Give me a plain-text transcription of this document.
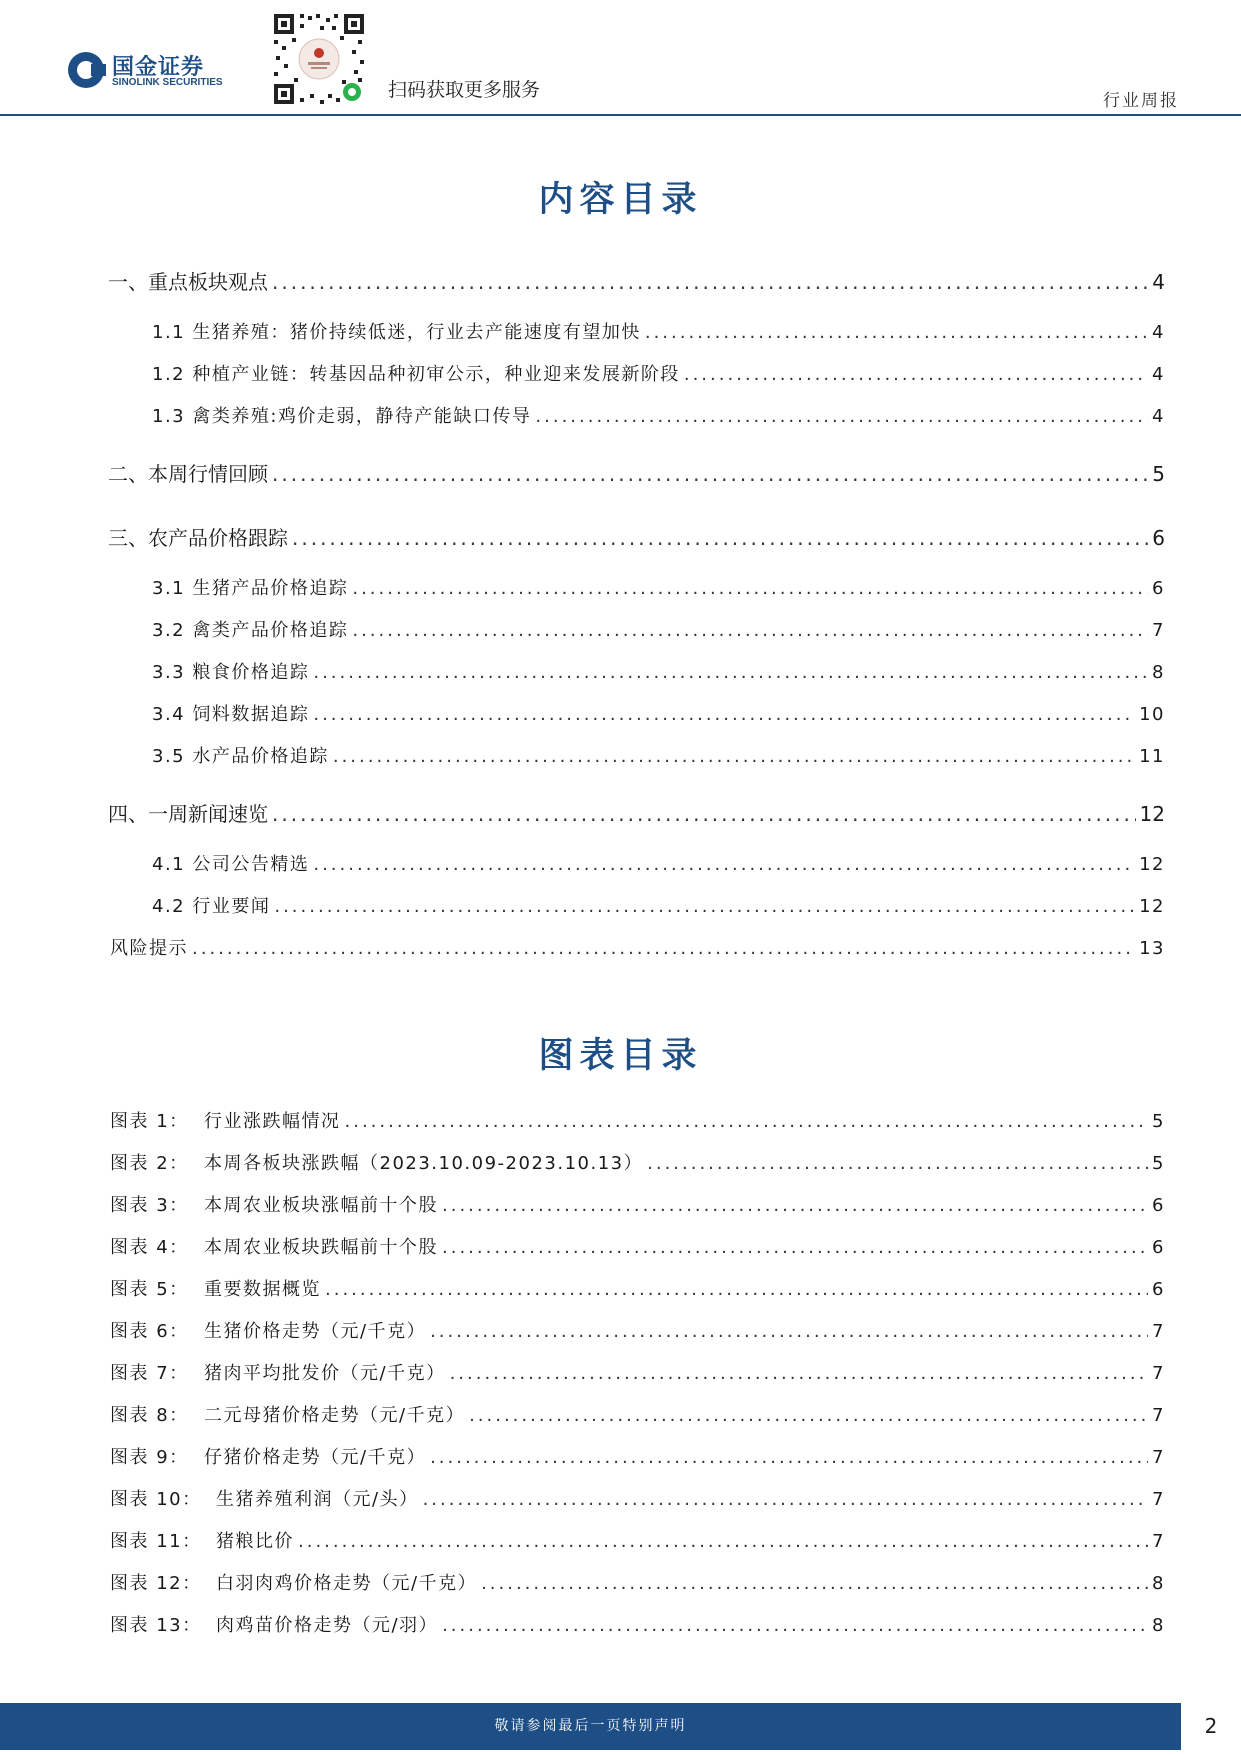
国金证券
SINOLINK SECURITIES	扫码获取更多服务	行业周报
内容目录
一、重点板块观点 .....	4
1.1 生猪养殖：猪价持续低迷，行业去产能速度有望加快 .....	4
1.2 种植产业链：转基因品种初审公示，种业迎来发展新阶段 .....	4
1.3 禽类养殖:鸡价走弱，静待产能缺口传导 .....	4
二、本周行情回顾 .....	5
三、农产品价格跟踪 .....	6
3.1 生猪产品价格追踪 .....	6
3.2 禽类产品价格追踪 .....	7
3.3 粮食价格追踪 .....	8
3.4 饲料数据追踪 .....	10
3.5 水产品价格追踪 .....	11
四、一周新闻速览 .....	12
4.1 公司公告精选 .....	12
4.2 行业要闻 .....	12
风险提示 .....	13
图表目录
图表 1： 行业涨跌幅情况 .....	5
图表 2： 本周各板块涨跌幅（2023.10.09-2023.10.13） .....	5
图表 3： 本周农业板块涨幅前十个股 .....	6
图表 4： 本周农业板块跌幅前十个股 .....	6
图表 5： 重要数据概览 .....	6
图表 6： 生猪价格走势（元/千克） .....	7
图表 7： 猪肉平均批发价（元/千克） .....	7
图表 8： 二元母猪价格走势（元/千克） .....	7
图表 9： 仔猪价格走势（元/千克） .....	7
图表 10： 生猪养殖利润（元/头） .....	7
图表 11： 猪粮比价 .....	7
图表 12： 白羽肉鸡价格走势（元/千克） .....	8
图表 13： 肉鸡苗价格走势（元/羽） .....	8
敬请参阅最后一页特别声明	2
